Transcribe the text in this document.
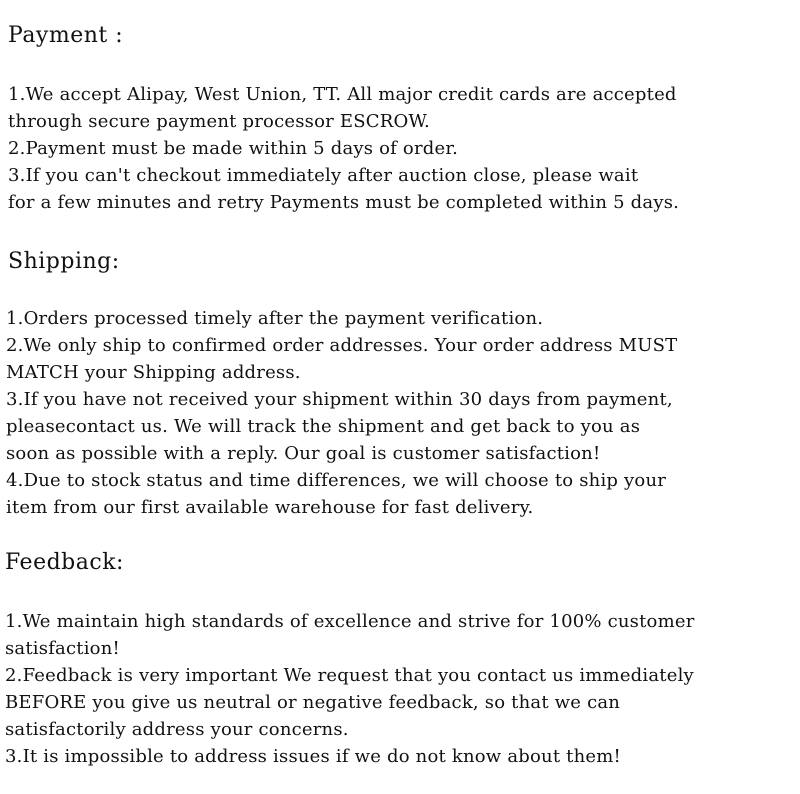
Payment :
1.We accept Alipay, West Union, TT. All major credit cards are accepted
through secure payment processor ESCROW.
2.Payment must be made within 5 days of order.
3.If you can't checkout immediately after auction close, please wait
for a few minutes and retry Payments must be completed within 5 days.
Shipping:
1.Orders processed timely after the payment verification.
2.We only ship to confirmed order addresses. Your order address MUST
MATCH your Shipping address.
3.If you have not received your shipment within 30 days from payment,
pleasecontact us. We will track the shipment and get back to you as
soon as possible with a reply. Our goal is customer satisfaction!
4.Due to stock status and time differences, we will choose to ship your
item from our first available warehouse for fast delivery.
Feedback:
1.We maintain high standards of excellence and strive for 100% customer
satisfaction!
2.Feedback is very important We request that you contact us immediately
BEFORE you give us neutral or negative feedback, so that we can
satisfactorily address your concerns.
3.It is impossible to address issues if we do not know about them!
